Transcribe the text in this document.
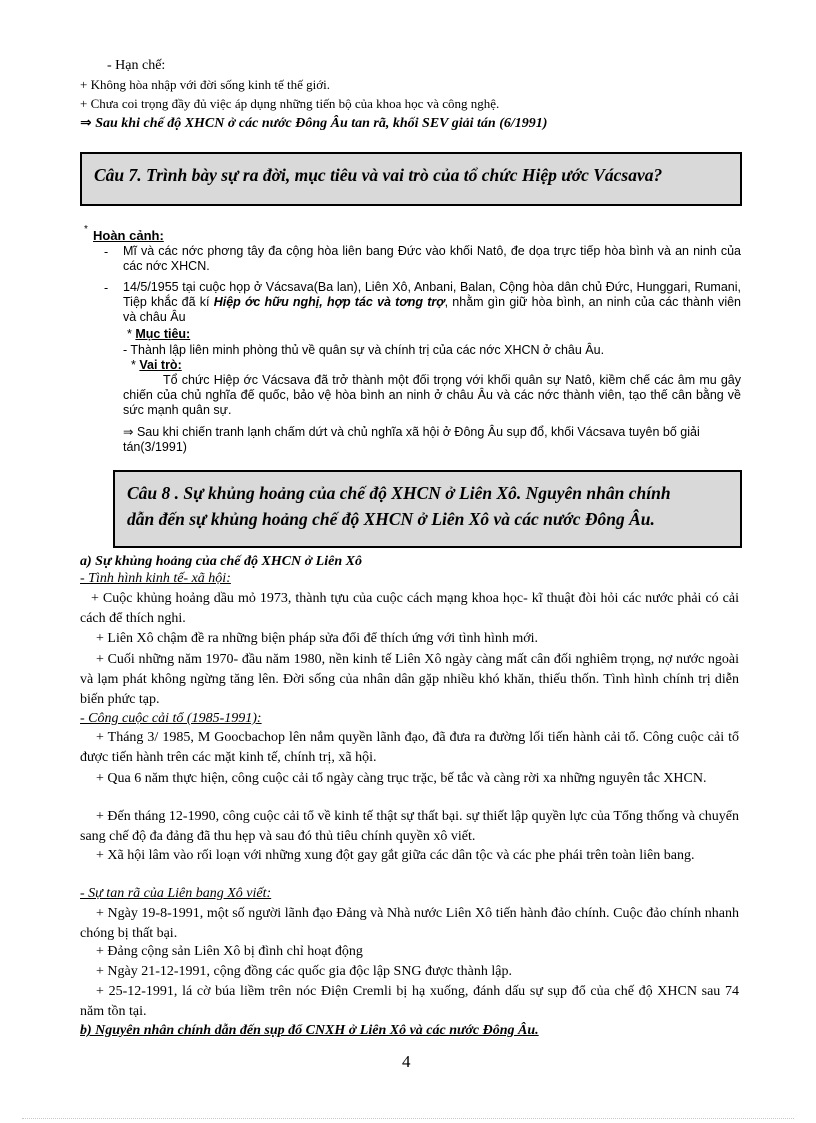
- Hạn chế:
+ Không hòa nhập với đời sống kinh tế thế giới.
+ Chưa coi trọng đầy đủ việc áp dụng những tiến bộ của khoa học và công nghệ.
⇒ Sau khi chế độ XHCN ở các nước Đông Âu tan rã, khối SEV giải tán (6/1991)
Câu 7. Trình bày sự ra đời, mục tiêu và vai trò của tổ chức Hiệp ước Vácsava?
* Hoàn cảnh:
- Mĩ và các nớc phơng tây đa cộng hòa liên bang Đức vào khối Natô, đe dọa trực tiếp hòa bình và an ninh của các nớc XHCN.
- 14/5/1955 tại cuộc họp ở Vácsava(Ba lan), Liên Xô, Anbani, Balan, Cộng hòa dân chủ Đức, Hunggari, Rumani, Tiệp khắc đã kí Hiệp ớc hữu nghị, hợp tác và tơng trợ, nhằm gìn giữ hòa bình, an ninh của các thành viên và châu Âu
* Mục tiêu:
- Thành lập liên minh phòng thủ về quân sự và chính trị của các nớc XHCN ở châu Âu.
* Vai trò:
Tổ chức Hiệp ớc Vácsava đã trở thành một đối trọng với khối quân sự Natô, kiềm chế các âm mu gây chiến của chủ nghĩa đế quốc, bảo vệ hòa bình an ninh ở châu Âu và các nớc thành viên, tạo thế cân bằng về sức mạnh quân sự.
⇒ Sau khi chiến tranh lạnh chấm dứt và chủ nghĩa xã hội ở Đông Âu sụp đổ, khối Vácsava tuyên bố giải tán(3/1991)
Câu 8 . Sự khủng hoảng của chế độ XHCN ở Liên Xô. Nguyên nhân chính
dẫn đến sự khủng hoảng chế độ XHCN ở Liên Xô và các nước Đông Âu.
a) Sự khủng hoảng của chế độ XHCN ở Liên Xô
- Tình hình kinh tế- xã hội:
+ Cuộc khủng hoảng dầu mỏ 1973, thành tựu của cuộc cách mạng khoa học- kĩ thuật đòi hỏi các nước phải có cải cách để thích nghi.
+ Liên Xô chậm đề ra những biện pháp sửa đổi để thích ứng với tình hình mới.
+ Cuối những năm 1970- đầu năm 1980, nền kinh tế Liên Xô ngày càng mất cân đối nghiêm trọng, nợ nước ngoài và lạm phát không ngừng tăng lên. Đời sống của nhân dân gặp nhiều khó khăn, thiếu thốn. Tình hình chính trị diễn biến phức tạp.
- Công cuộc cải tổ (1985-1991):
+ Tháng 3/ 1985, M Goocbachop lên nắm quyền lãnh đạo, đã đưa ra đường lối tiến hành cải tổ. Công cuộc cải tổ được tiến hành trên các mặt kinh tế, chính trị, xã hội.
+ Qua 6 năm thực hiện, công cuộc cải tổ ngày càng trục trặc, bế tắc và càng rời xa những nguyên tắc XHCN.
+ Đến tháng 12-1990, công cuộc cải tổ về kinh tế thật sự thất bại. sự thiết lập quyền lực của Tổng thống và chuyển sang chế độ đa đảng đã thu hẹp và sau đó thủ tiêu chính quyền xô viết.
+ Xã hội lâm vào rối loạn với những xung đột gay gắt giữa các dân tộc và các phe phái trên toàn liên bang.
- Sự tan rã của Liên bang Xô viết:
+ Ngày 19-8-1991, một số người lãnh đạo Đảng và Nhà nước Liên Xô tiến hành đảo chính. Cuộc đảo chính nhanh chóng bị thất bại.
+ Đảng cộng sản Liên Xô bị đình chỉ hoạt động
+ Ngày 21-12-1991, cộng đồng các quốc gia độc lập SNG được thành lập.
+ 25-12-1991, lá cờ búa liềm trên nóc Điện Cremli bị hạ xuống, đánh dấu sự sụp đổ của chế độ XHCN sau 74 năm tồn tại.
b) Nguyên nhân chính dẫn đến sụp đổ CNXH ở Liên Xô và các nước Đông Âu.
4
